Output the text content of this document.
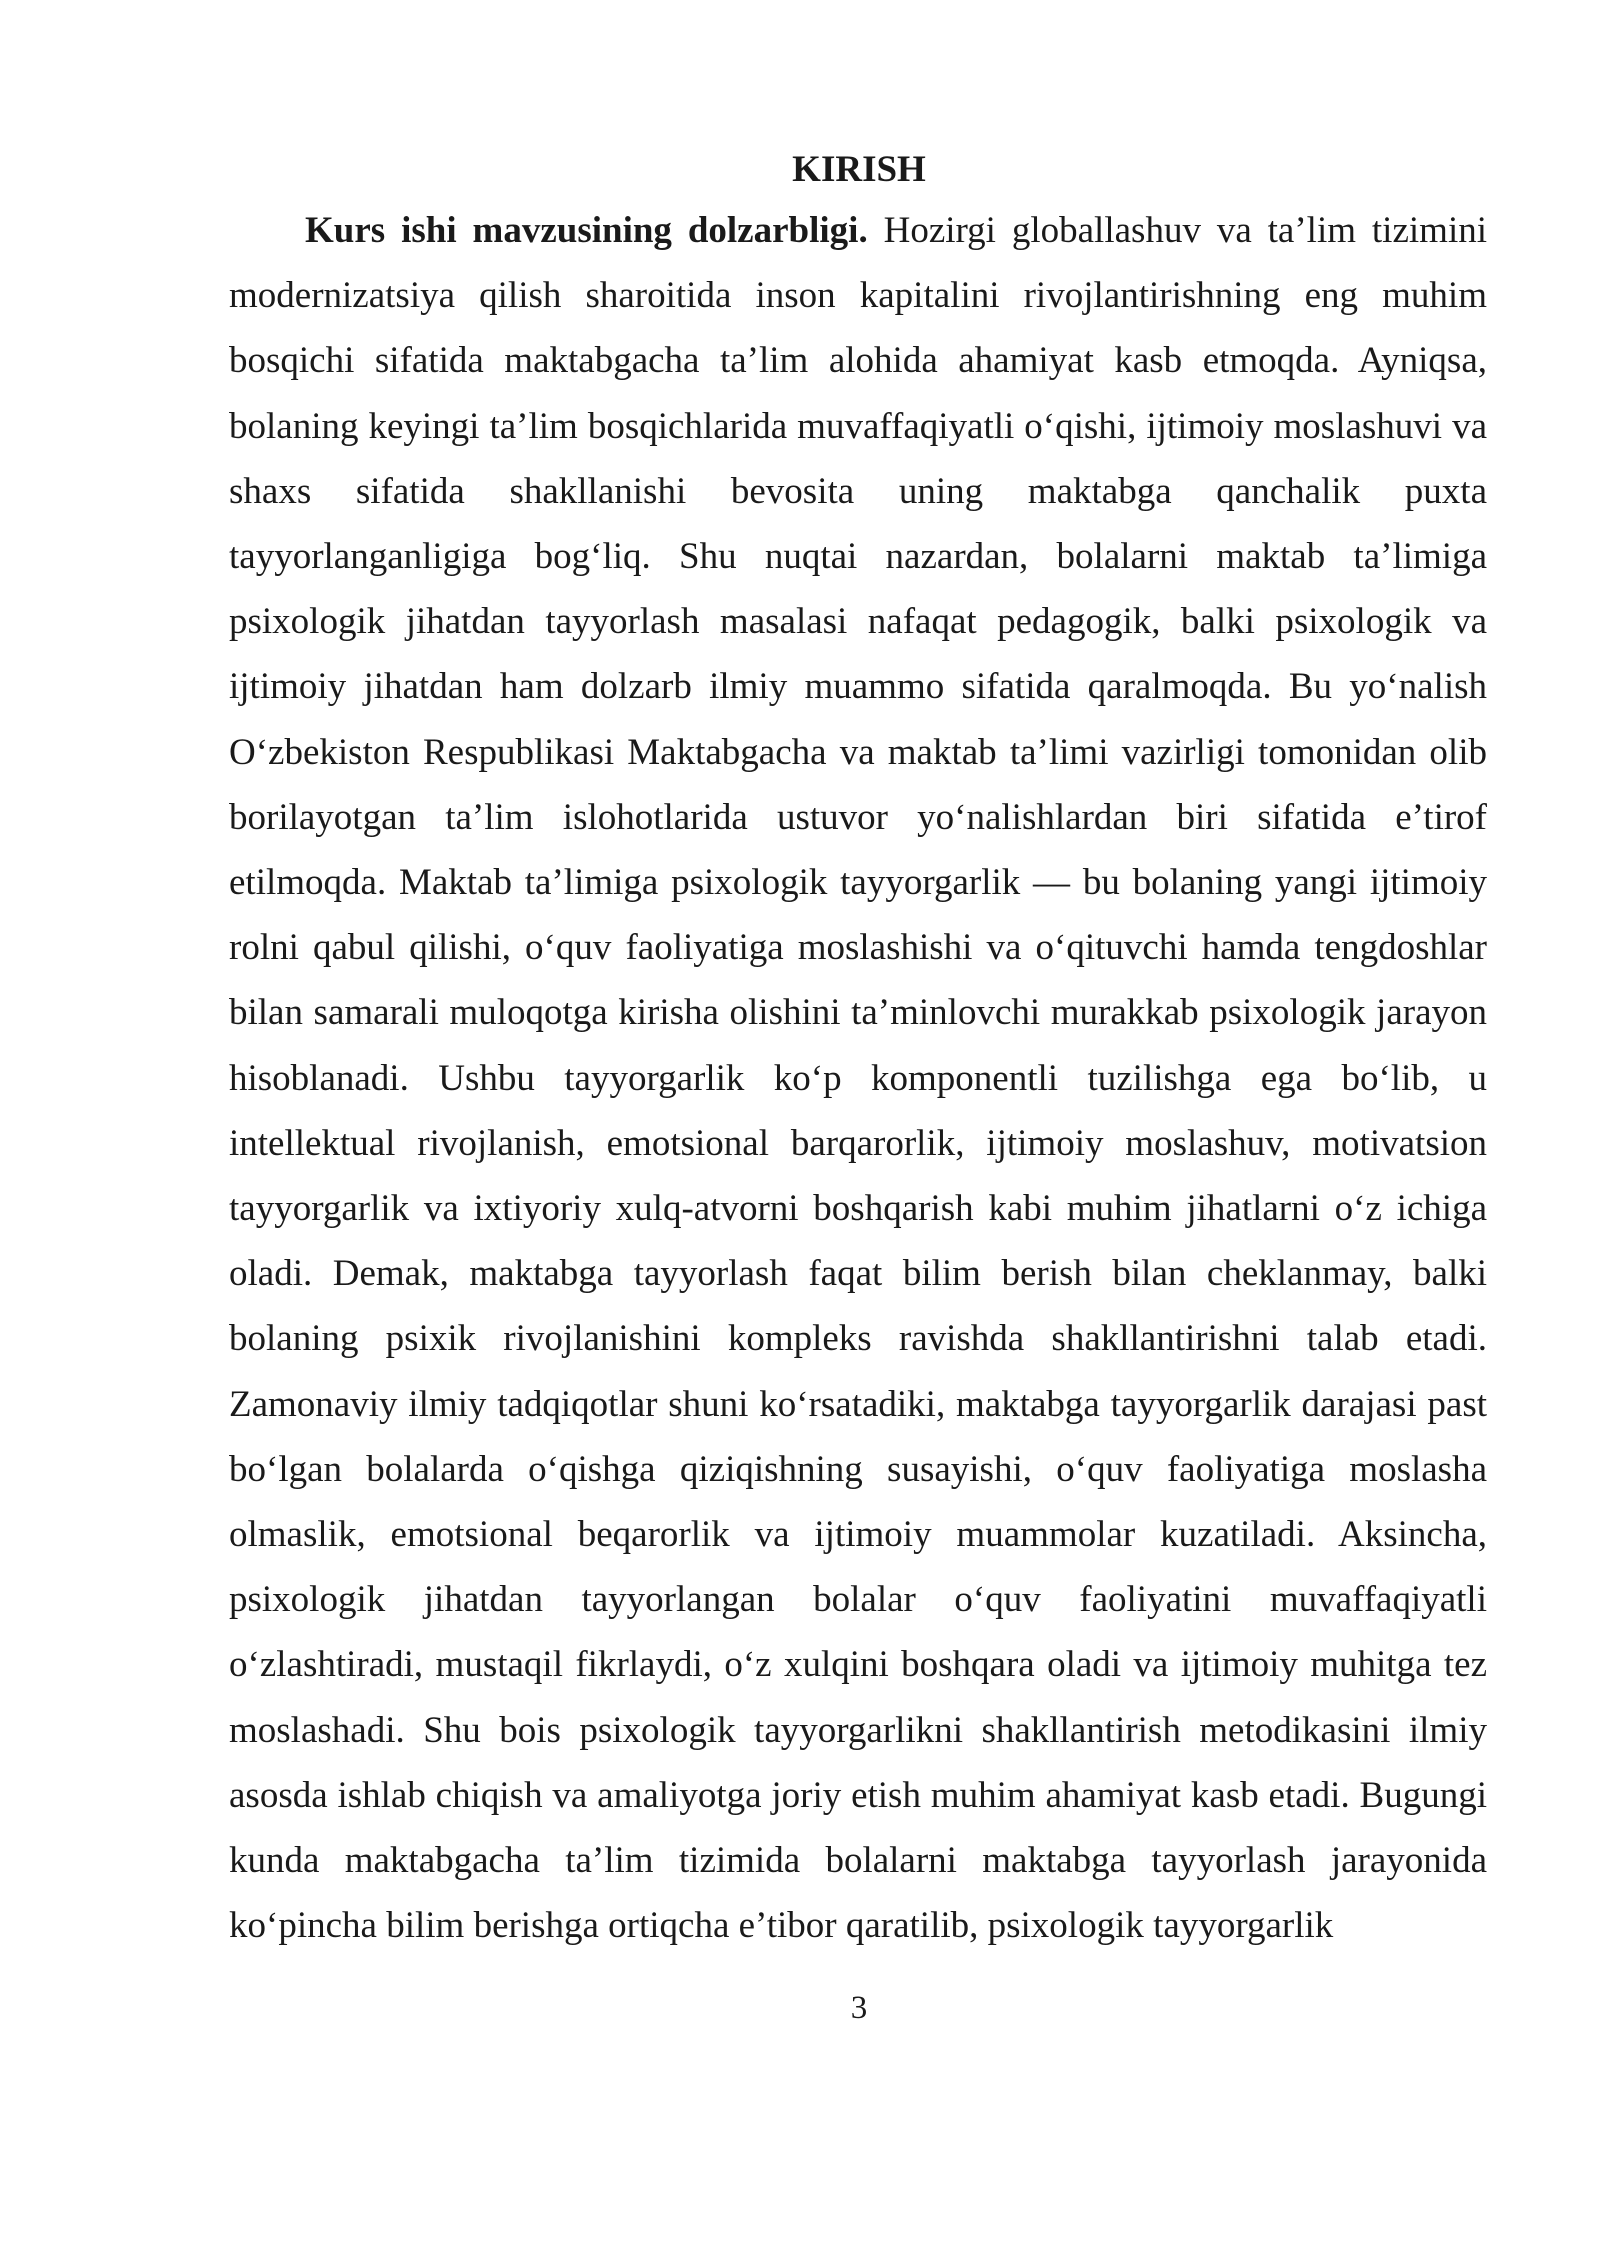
KIRISH

Kurs ishi mavzusining dolzarbligi. Hozirgi globallashuv va ta’lim tizimini modernizatsiya qilish sharoitida inson kapitalini rivojlantirishning eng muhim bosqichi sifatida maktabgacha ta’lim alohida ahamiyat kasb etmoqda. Ayniqsa, bolaning keyingi ta’lim bosqichlarida muvaffaqiyatli o‘qishi, ijtimoiy moslashuvi va shaxs sifatida shakllanishi bevosita uning maktabga qanchalik puxta tayyorlanganligiga bog‘liq. Shu nuqtai nazardan, bolalarni maktab ta’limiga psixologik jihatdan tayyorlash masalasi nafaqat pedagogik, balki psixologik va ijtimoiy jihatdan ham dolzarb ilmiy muammo sifatida qaralmoqda. Bu yo‘nalish O‘zbekiston Respublikasi Maktabgacha va maktab ta’limi vazirligi tomonidan olib borilayotgan ta’lim islohotlarida ustuvor yo‘nalishlardan biri sifatida e’tirof etilmoqda. Maktab ta’limiga psixologik tayyorgarlik — bu bolaning yangi ijtimoiy rolni qabul qilishi, o‘quv faoliyatiga moslashishi va o‘qituvchi hamda tengdoshlar bilan samarali muloqotga kirisha olishini ta’minlovchi murakkab psixologik jarayon hisoblanadi. Ushbu tayyorgarlik ko‘p komponentli tuzilishga ega bo‘lib, u intellektual rivojlanish, emotsional barqarorlik, ijtimoiy moslashuv, motivatsion tayyorgarlik va ixtiyoriy xulq-atvorni boshqarish kabi muhim jihatlarni o‘z ichiga oladi. Demak, maktabga tayyorlash faqat bilim berish bilan cheklanmay, balki bolaning psixik rivojlanishini kompleks ravishda shakllantirishni talab etadi. Zamonaviy ilmiy tadqiqotlar shuni ko‘rsatadiki, maktabga tayyorgarlik darajasi past bo‘lgan bolalarda o‘qishga qiziqishning susayishi, o‘quv faoliyatiga moslasha olmaslik, emotsional beqarorlik va ijtimoiy muammolar kuzatiladi. Aksincha, psixologik jihatdan tayyorlangan bolalar o‘quv faoliyatini muvaffaqiyatli o‘zlashtiradi, mustaqil fikrlaydi, o‘z xulqini boshqara oladi va ijtimoiy muhitga tez moslashadi. Shu bois psixologik tayyorgarlikni shakllantirish metodikasini ilmiy asosda ishlab chiqish va amaliyotga joriy etish muhim ahamiyat kasb etadi. Bugungi kunda maktabgacha ta’lim tizimida bolalarni maktabga tayyorlash jarayonida ko‘pincha bilim berishga ortiqcha e’tibor qaratilib, psixologik tayyorgarlik

3
